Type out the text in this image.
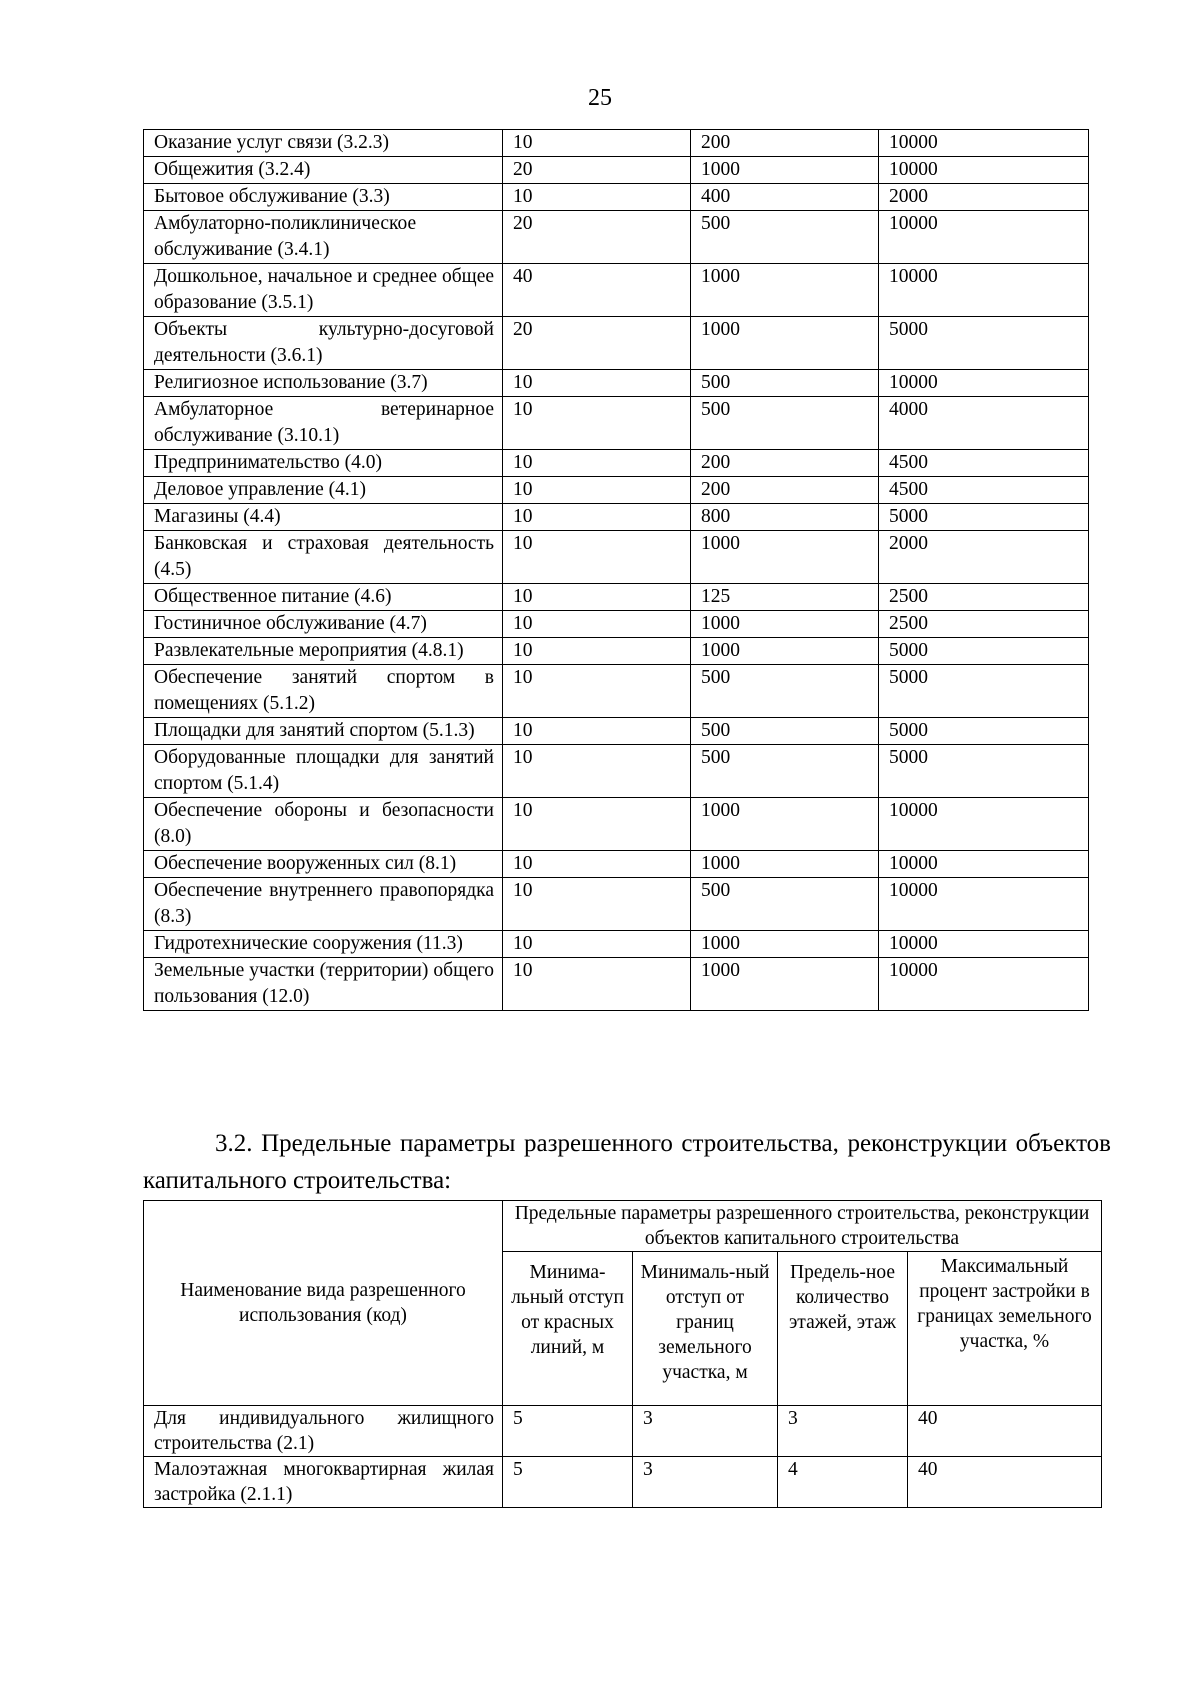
25
Оказание услуг связи (3.2.3)	10	200	10000
Общежития (3.2.4)	20	1000	10000
Бытовое обслуживание (3.3)	10	400	2000
Амбулаторно-поликлиническое обслуживание (3.4.1)	20	500	10000
Дошкольное, начальное и среднее общее образование (3.5.1)	40	1000	10000
Объекты культурно-досуговой деятельности (3.6.1)	20	1000	5000
Религиозное использование (3.7)	10	500	10000
Амбулаторное ветеринарное обслуживание (3.10.1)	10	500	4000
Предпринимательство (4.0)	10	200	4500
Деловое управление (4.1)	10	200	4500
Магазины (4.4)	10	800	5000
Банковская и страховая деятельность (4.5)	10	1000	2000
Общественное питание (4.6)	10	125	2500
Гостиничное обслуживание (4.7)	10	1000	2500
Развлекательные мероприятия (4.8.1)	10	1000	5000
Обеспечение занятий спортом в помещениях (5.1.2)	10	500	5000
Площадки для занятий спортом (5.1.3)	10	500	5000
Оборудованные площадки для занятий спортом (5.1.4)	10	500	5000
Обеспечение обороны и безопасности (8.0)	10	1000	10000
Обеспечение вооруженных сил (8.1)	10	1000	10000
Обеспечение внутреннего правопорядка (8.3)	10	500	10000
Гидротехнические сооружения (11.3)	10	1000	10000
Земельные участки (территории) общего пользования (12.0)	10	1000	10000

3.2. Предельные параметры разрешенного строительства, реконструкции объектов капитального строительства:

Наименование вида разрешенного использования (код)	Предельные параметры разрешенного строительства, реконструкции объектов капитального строительства			
	Минима-льный отступ от красных линий, м	Минималь-ный отступ от границ земельного участка, м	Предель-ное количество этажей, этаж	Максимальный процент застройки в границах земельного участка, %
Для индивидуального жилищного строительства (2.1)	5	3	3	40
Малоэтажная многоквартирная жилая застройка (2.1.1)	5	3	4	40
